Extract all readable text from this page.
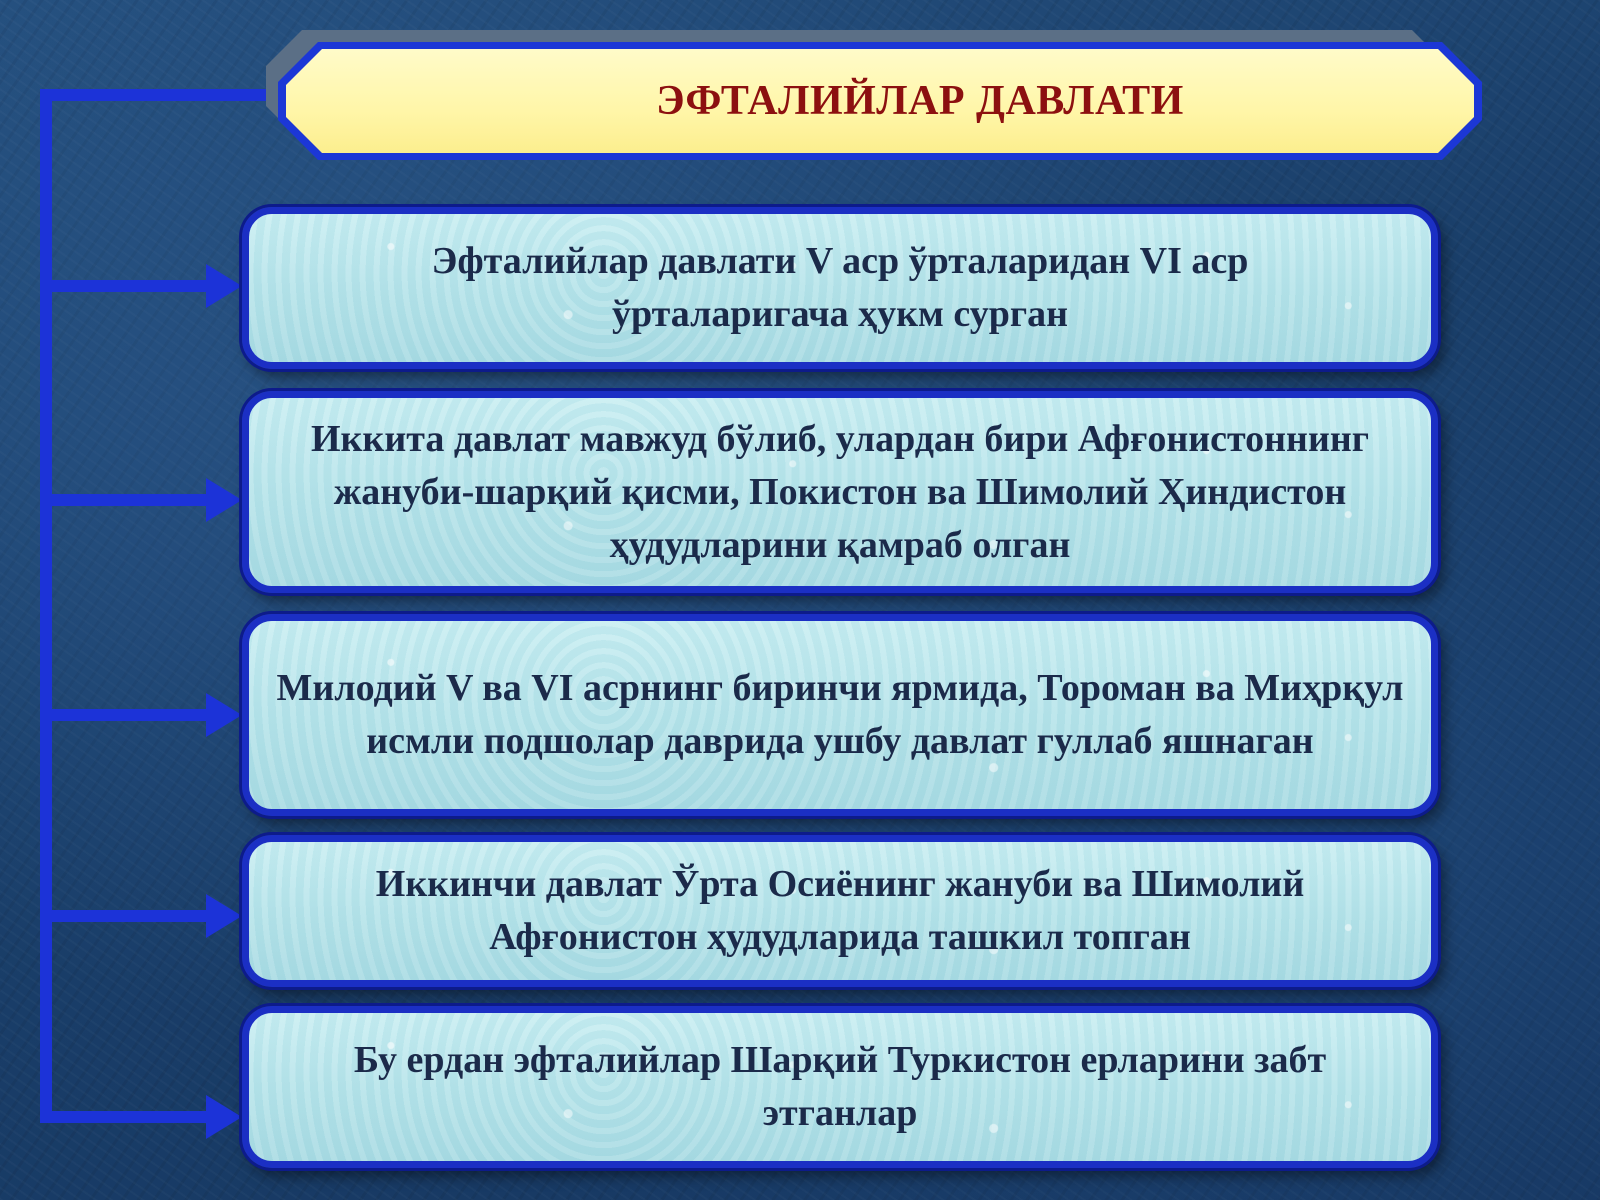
ЭФТАЛИЙЛАР ДАВЛАТИ
Эфталийлар давлати V аср ўрталаридан VI аср ўрталаригача ҳукм сурган
Иккита давлат мавжуд бўлиб, улардан бири Афғонистоннинг жануби-шарқий қисми, Покистон ва Шимолий Ҳиндистон ҳудудларини қамраб олган
Милодий V ва VI асрнинг биринчи ярмида, Тороман ва Миҳрқул исмли подшолар даврида ушбу давлат гуллаб яшнаган
Иккинчи давлат Ўрта Осиёнинг жануби ва Шимолий Афғонистон ҳудудларида ташкил топган
Бу ердан эфталийлар Шарқий Туркистон ерларини забт этганлар
